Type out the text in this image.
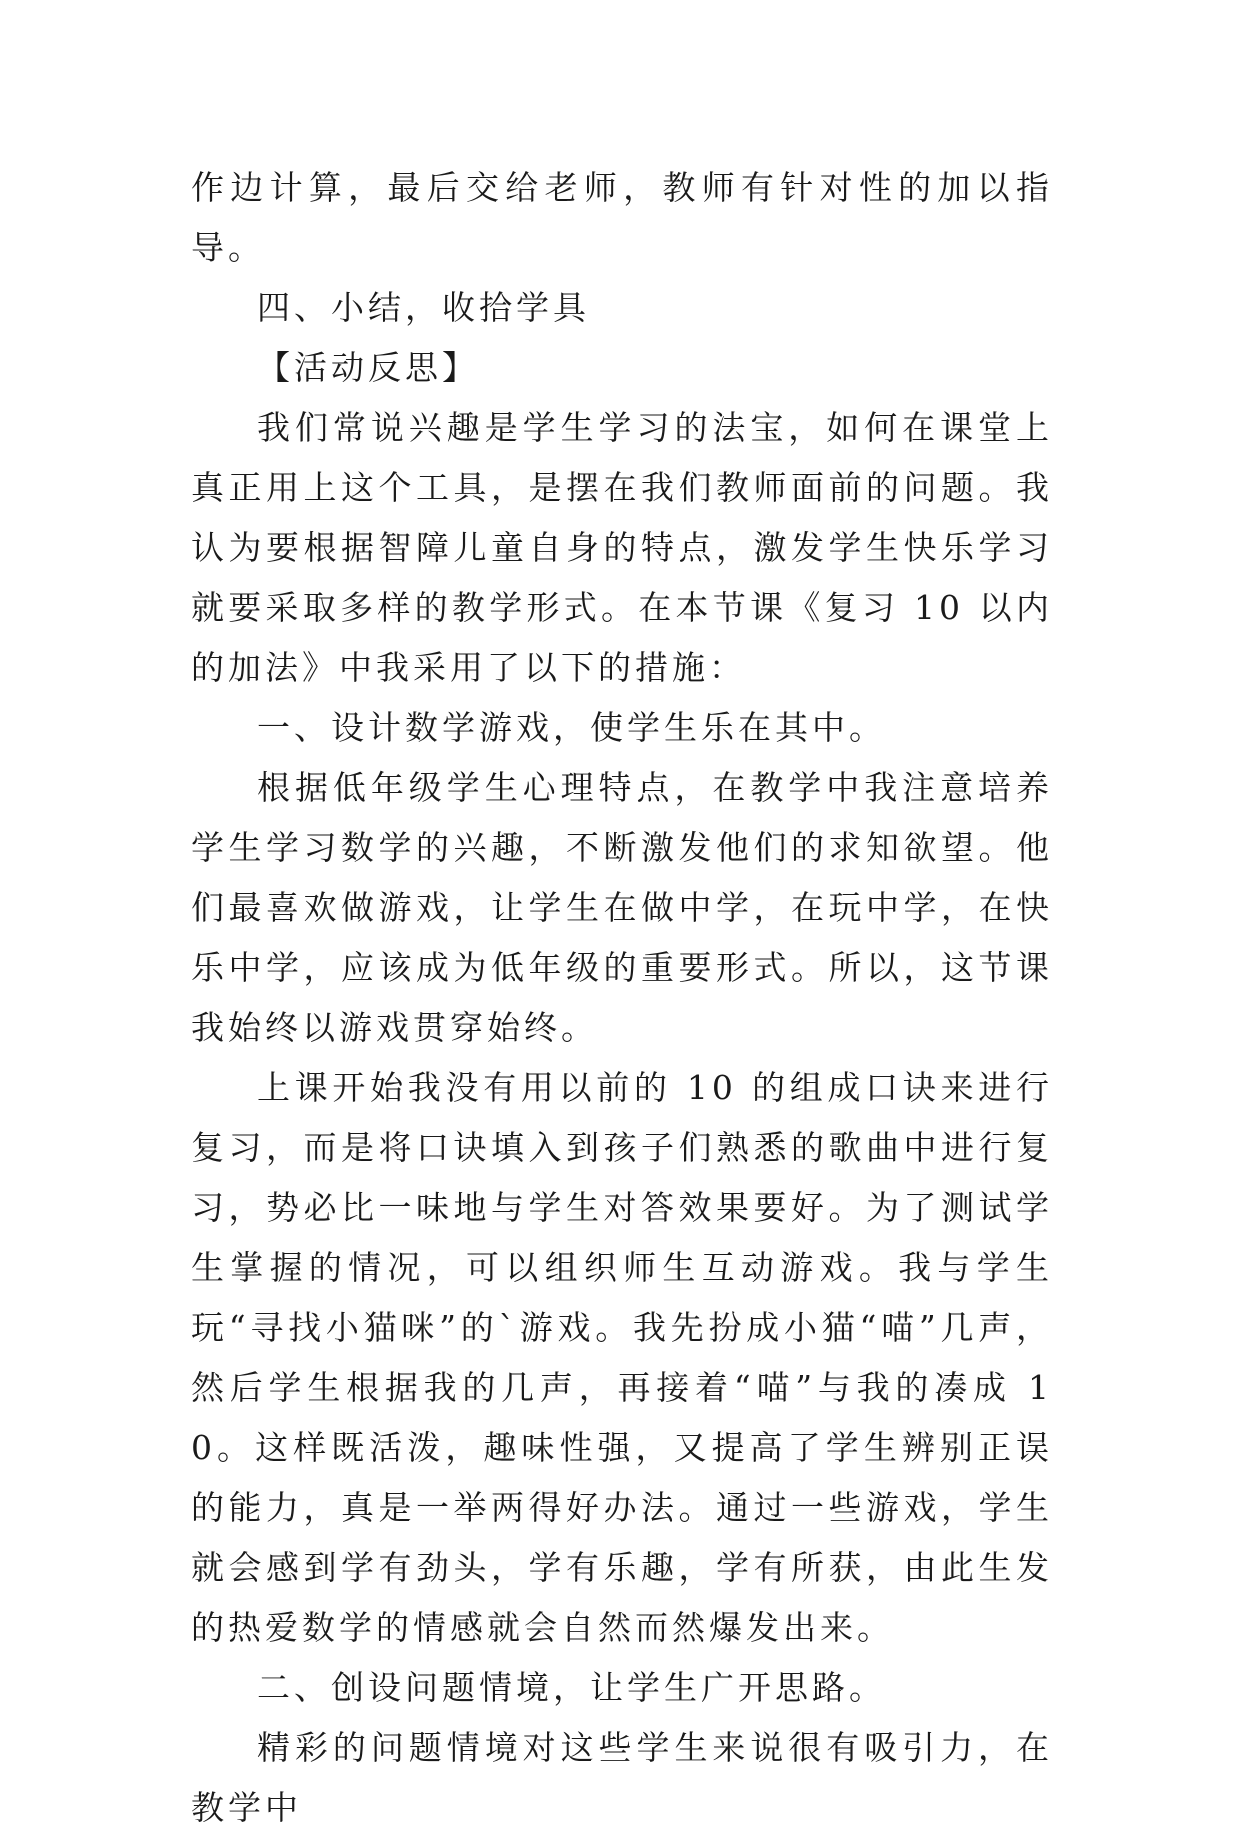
作边计算，最后交给老师，教师有针对性的加以指导。

四、小结，收拾学具

【活动反思】

我们常说兴趣是学生学习的法宝，如何在课堂上真正用上这个工具，是摆在我们教师面前的问题。我认为要根据智障儿童自身的特点，激发学生快乐学习就要采取多样的教学形式。在本节课《复习 10 以内的加法》中我采用了以下的措施：

一、设计数学游戏，使学生乐在其中。

根据低年级学生心理特点，在教学中我注意培养学生学习数学的兴趣，不断激发他们的求知欲望。他们最喜欢做游戏，让学生在做中学，在玩中学，在快乐中学，应该成为低年级的重要形式。所以，这节课我始终以游戏贯穿始终。

上课开始我没有用以前的 10 的组成口诀来进行复习，而是将口诀填入到孩子们熟悉的歌曲中进行复习，势必比一味地与学生对答效果要好。为了测试学生掌握的情况，可以组织师生互动游戏。我与学生玩“寻找小猫咪”的`游戏。我先扮成小猫“喵”几声，然后学生根据我的几声，再接着“喵”与我的凑成 10。这样既活泼，趣味性强，又提高了学生辨别正误的能力，真是一举两得好办法。通过一些游戏，学生就会感到学有劲头，学有乐趣，学有所获，由此生发的热爱数学的情感就会自然而然爆发出来。

二、创设问题情境，让学生广开思路。

精彩的问题情境对这些学生来说很有吸引力，在教学中
